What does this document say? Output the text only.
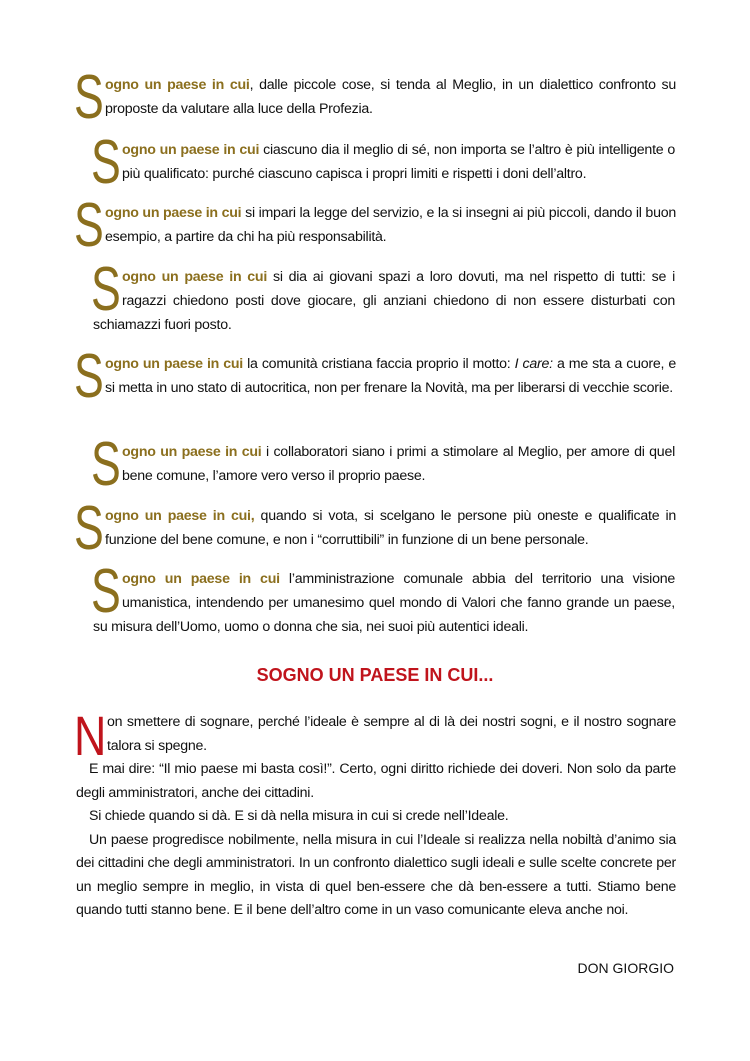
Sogno un paese in cui, dalle piccole cose, si tenda al Meglio, in un dialettico confronto su proposte da valutare alla luce della Profezia.
Sogno un paese in cui ciascuno dia il meglio di sé, non importa se l’altro è più intelligente o più qualificato: purché ciascuno capisca i propri limiti e rispetti i doni dell’altro.
Sogno un paese in cui si impari la legge del servizio, e la si insegni ai più piccoli, dando il buon esempio, a partire da chi ha più responsabilità.
Sogno un paese in cui si dia ai giovani spazi a loro dovuti, ma nel rispetto di tutti: se i ragazzi chiedono posti dove giocare, gli anziani chiedono di non essere disturbati con schiamazzi fuori posto.
Sogno un paese in cui la comunità cristiana faccia proprio il motto: I care: a me sta a cuore, e si metta in uno stato di autocritica, non per frenare la Novità, ma per liberarsi di vecchie scorie.
Sogno un paese in cui i collaboratori siano i primi a stimolare al Meglio, per amore di quel bene comune, l’amore vero verso il proprio paese.
Sogno un paese in cui, quando si vota, si scelgano le persone più oneste e qualificate in funzione del bene comune, e non i “corruttibili” in funzione di un bene personale.
Sogno un paese in cui l’amministrazione comunale abbia del territorio una visione umanistica, intendendo per umanesimo quel mondo di Valori che fanno grande un paese, su misura dell’Uomo, uomo o donna che sia, nei suoi più autentici ideali.
SOGNO UN PAESE IN CUI...

Non smettere di sognare, perché l’ideale è sempre al di là dei nostri sogni, e il nostro sognare talora si spegne.

E mai dire: “Il mio paese mi basta così!”. Certo, ogni diritto richiede dei doveri. Non solo da parte degli amministratori, anche dei cittadini.

Si chiede quando si dà. E si dà nella misura in cui si crede nell’Ideale.

Un paese progredisce nobilmente, nella misura in cui l’Ideale si realizza nella nobiltà d’animo sia dei cittadini che degli amministratori. In un confronto dialettico sugli ideali e sulle scelte concrete per un meglio sempre in meglio, in vista di quel ben-essere che dà ben-essere a tutti. Stiamo bene quando tutti stanno bene. E il bene dell’altro come in un vaso comunicante eleva anche noi.

DON GIORGIO
